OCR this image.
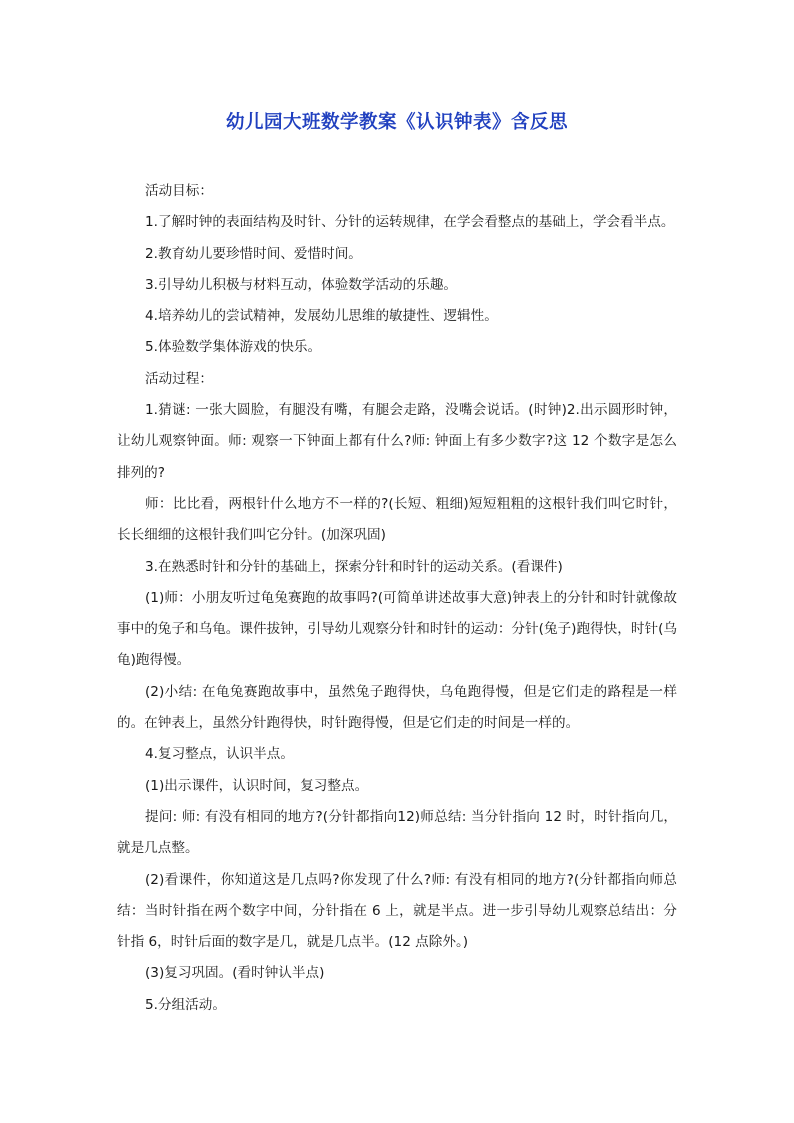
幼儿园大班数学教案《认识钟表》含反思

活动目标：

1.了解时钟的表面结构及时针、分针的运转规律，在学会看整点的基础上，学会看半点。

2.教育幼儿要珍惜时间、爱惜时间。

3.引导幼儿积极与材料互动，体验数学活动的乐趣。

4.培养幼儿的尝试精神，发展幼儿思维的敏捷性、逻辑性。

5.体验数学集体游戏的快乐。

活动过程：

1.猜谜: 一张大圆脸，有腿没有嘴，有腿会走路，没嘴会说话。(时钟)2.出示圆形时钟，让幼儿观察钟面。师: 观察一下钟面上都有什么?师: 钟面上有多少数字?这 12 个数字是怎么排列的?

师：比比看，两根针什么地方不一样的?(长短、粗细)短短粗粗的这根针我们叫它时针，长长细细的这根针我们叫它分针。(加深巩固)

3.在熟悉时针和分针的基础上，探索分针和时针的运动关系。(看课件)

(1)师：小朋友听过龟兔赛跑的故事吗?(可简单讲述故事大意)钟表上的分针和时针就像故事中的兔子和乌龟。课件拔钟，引导幼儿观察分针和时针的运动：分针(兔子)跑得快，时针(乌龟)跑得慢。

(2)小结: 在龟兔赛跑故事中，虽然兔子跑得快，乌龟跑得慢，但是它们走的路程是一样的。在钟表上，虽然分针跑得快，时针跑得慢，但是它们走的时间是一样的。

4.复习整点，认识半点。

(1)出示课件，认识时间，复习整点。

提问: 师: 有没有相同的地方?(分针都指向12)师总结: 当分针指向 12 时，时针指向几，就是几点整。

(2)看课件，你知道这是几点吗?你发现了什么?师: 有没有相同的地方?(分针都指向师总结：当时针指在两个数字中间，分针指在 6 上，就是半点。进一步引导幼儿观察总结出：分针指 6，时针后面的数字是几，就是几点半。(12 点除外。)

(3)复习巩固。(看时钟认半点)

5.分组活动。
